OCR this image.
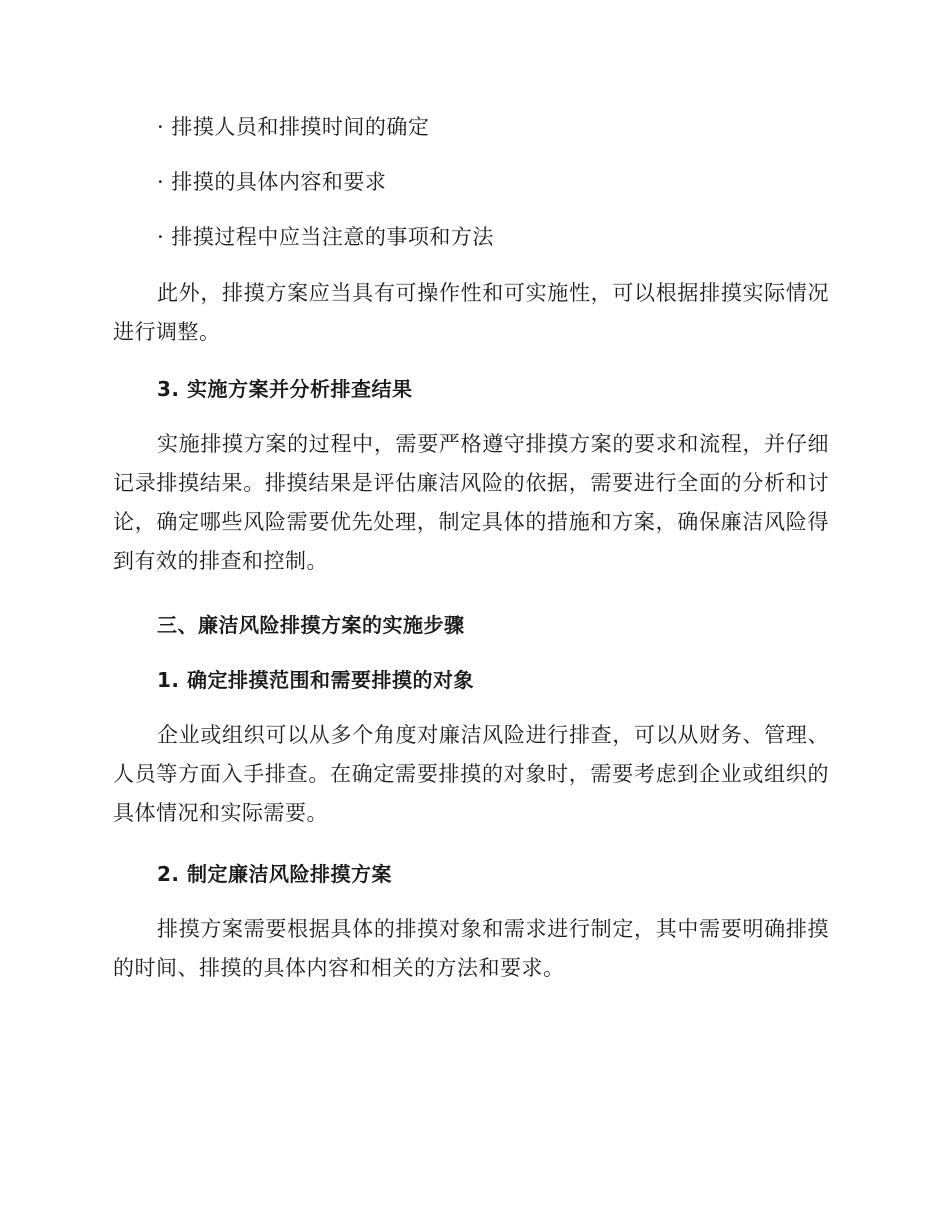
· 排摸人员和排摸时间的确定
· 排摸的具体内容和要求
· 排摸过程中应当注意的事项和方法
此外，排摸方案应当具有可操作性和可实施性，可以根据排摸实际情况进行调整。
3. 实施方案并分析排查结果
实施排摸方案的过程中，需要严格遵守排摸方案的要求和流程，并仔细记录排摸结果。排摸结果是评估廉洁风险的依据，需要进行全面的分析和讨论，确定哪些风险需要优先处理，制定具体的措施和方案，确保廉洁风险得到有效的排查和控制。
三、廉洁风险排摸方案的实施步骤
1. 确定排摸范围和需要排摸的对象
企业或组织可以从多个角度对廉洁风险进行排查，可以从财务、管理、人员等方面入手排查。在确定需要排摸的对象时，需要考虑到企业或组织的具体情况和实际需要。
2. 制定廉洁风险排摸方案
排摸方案需要根据具体的排摸对象和需求进行制定，其中需要明确排摸的时间、排摸的具体内容和相关的方法和要求。
